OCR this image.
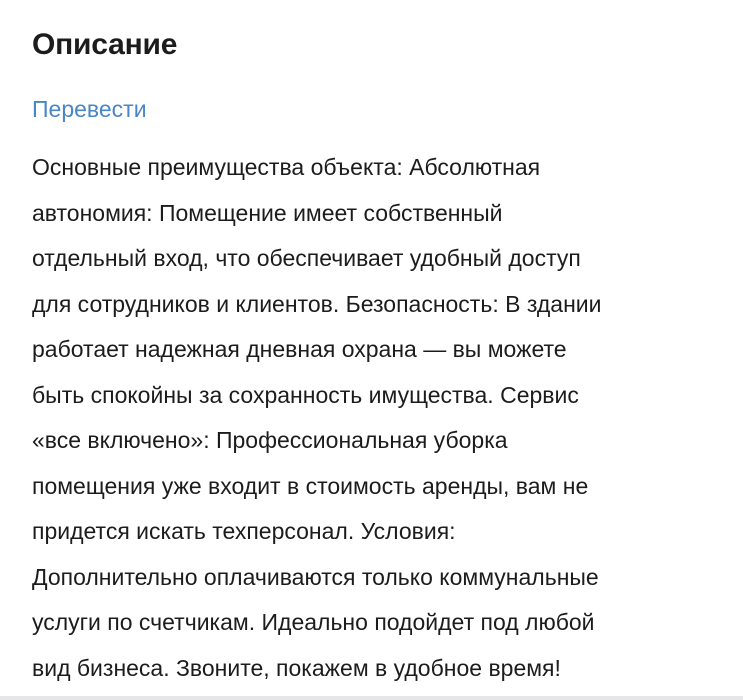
Описание
Перевести

Основные преимущества объекта: Абсолютная
автономия: Помещение имеет собственный
отдельный вход, что обеспечивает удобный доступ
для сотрудников и клиентов. Безопасность: В здании
работает надежная дневная охрана — вы можете
быть спокойны за сохранность имущества. Сервис
«все включено»: Профессиональная уборка
помещения уже входит в стоимость аренды, вам не
придется искать техперсонал. Условия:
Дополнительно оплачиваются только коммунальные
услуги по счетчикам. Идеально подойдет под любой
вид бизнеса. Звоните, покажем в удобное время!
